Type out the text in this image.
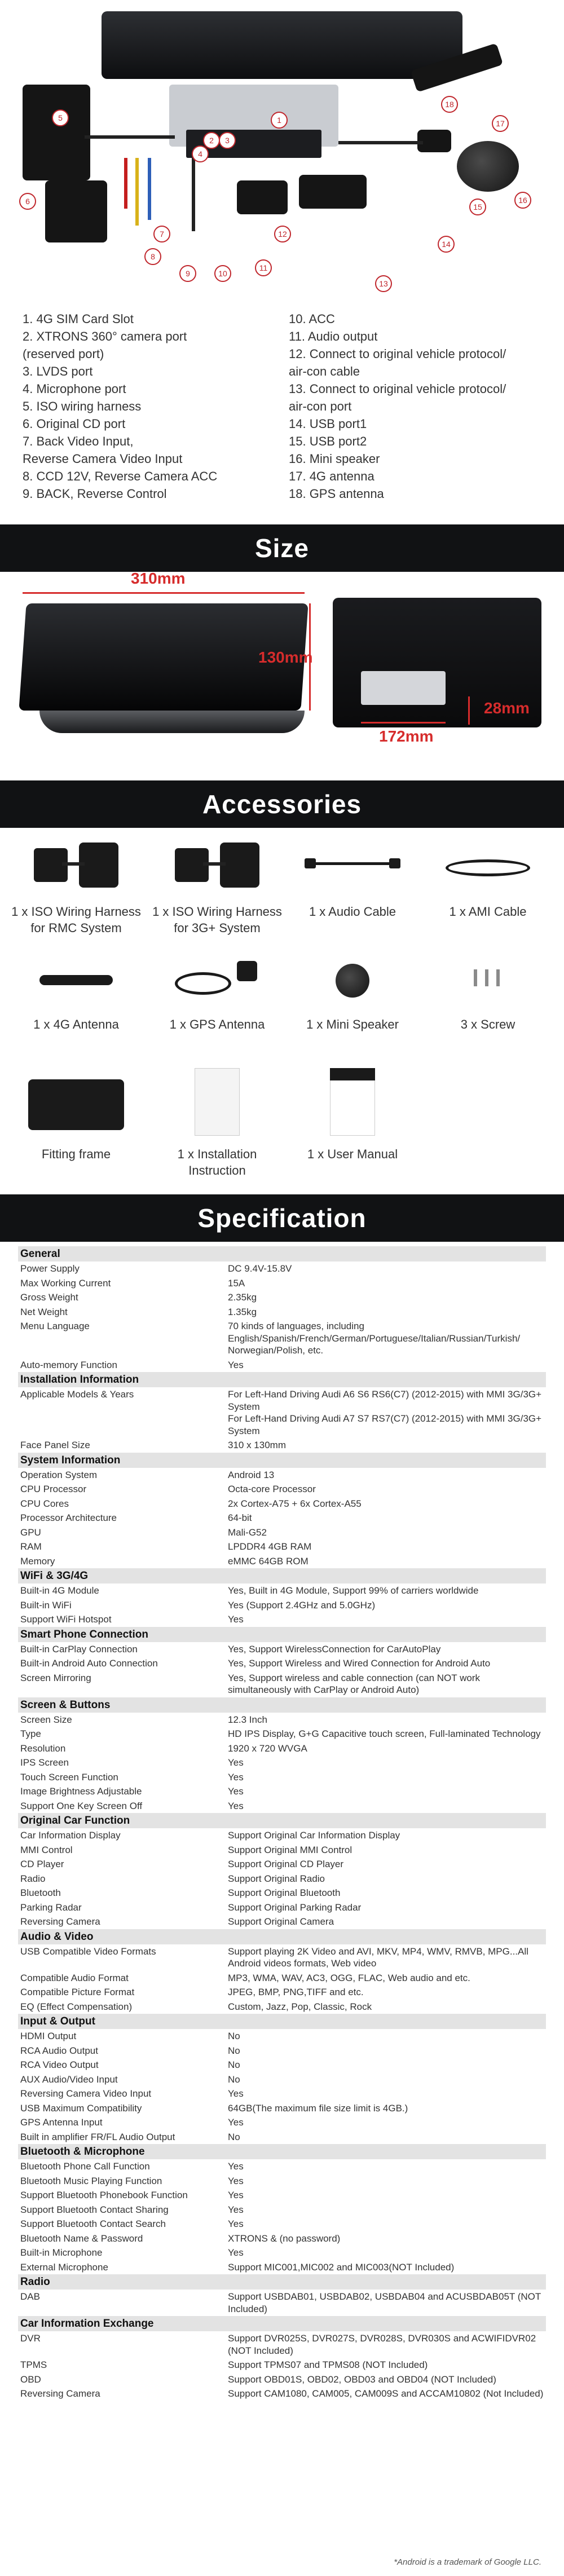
1
2	3
4
5
6
7
8
9	10
11
12
13
14
15
16
17
18
1. 4G SIM Card Slot
2. XTRONS 360° camera port
(reserved port)
3. LVDS port
4. Microphone port
5. ISO wiring harness
6. Original CD port
7. Back Video Input,
Reverse Camera Video Input
8. CCD 12V, Reverse Camera ACC
9. BACK, Reverse Control
10. ACC
11. Audio output
12. Connect to original vehicle protocol/
air-con cable
13. Connect to original vehicle protocol/
air-con port
14. USB port1
15. USB port2
16. Mini speaker
17. 4G antenna
18. GPS antenna
Size
310mm
130mm
172mm
28mm
Accessories
1 x ISO Wiring Harness for RMC System
1 x ISO Wiring Harness for 3G+ System
1 x Audio Cable	1 x AMI Cable
1 x 4G Antenna	1 x GPS Antenna	1 x Mini Speaker	3 x Screw
Fitting frame	1 x Installation Instruction
1 x User Manual
Specification
General
Power Supply	DC 9.4V-15.8V
Max Working Current	15A
Gross Weight	2.35kg
Net Weight	1.35kg
Menu Language	70 kinds of languages, including English/Spanish/French/German/Portuguese/Italian/Russian/Turkish/ Norwegian/Polish, etc.
Auto-memory Function	Yes
Installation Information
Applicable Models & Years	For Left-Hand Driving Audi A6 S6 RS6(C7) (2012-2015) with MMI 3G/3G+ System
For Left-Hand Driving Audi A7 S7 RS7(C7) (2012-2015) with MMI 3G/3G+ System
Face Panel Size	310 x 130mm
System Information
Operation System	Android 13
CPU Processor	Octa-core Processor
CPU Cores	2x Cortex-A75 + 6x Cortex-A55
Processor Architecture	64-bit
GPU	Mali-G52
RAM	LPDDR4 4GB RAM
Memory	eMMC 64GB ROM
WiFi & 3G/4G
Built-in 4G Module	Yes, Built in 4G Module, Support 99% of carriers worldwide
Built-in WiFi	Yes (Support 2.4GHz and 5.0GHz)
Support WiFi Hotspot	Yes
Smart Phone Connection
Built-in CarPlay Connection	Yes, Support WirelessConnection for CarAutoPlay
Built-in Android Auto Connection	Yes, Support Wireless and Wired Connection for Android Auto
Screen Mirroring	Yes, Support wireless and cable connection (can NOT work simultaneously with CarPlay or Android Auto)
Screen & Buttons
Screen Size	12.3 Inch
Type	HD IPS Display, G+G Capacitive touch screen, Full-laminated Technology
Resolution	1920 x 720 WVGA
IPS Screen	Yes
Touch Screen Function	Yes
Image Brightness Adjustable	Yes
Support One Key Screen Off	Yes
Original Car Function
Car Information Display	Support Original Car Information Display
MMI Control	Support Original MMI Control
CD Player	Support Original CD Player
Radio	Support Original Radio
Bluetooth	Support Original Bluetooth
Parking Radar	Support Original Parking Radar
Reversing Camera	Support Original Camera
Audio & Video
USB Compatible Video Formats	Support playing 2K Video and AVI, MKV, MP4, WMV, RMVB, MPG...All Android videos formats, Web video
Compatible Audio Format	MP3, WMA, WAV, AC3, OGG, FLAC, Web audio and etc.
Compatible Picture Format	JPEG, BMP, PNG,TIFF and etc.
EQ (Effect Compensation)	Custom, Jazz, Pop, Classic, Rock
Input & Output
HDMI Output	No
RCA Audio Output	No
RCA Video Output	No
AUX Audio/Video Input	No
Reversing Camera Video Input	Yes
USB Maximum Compatibility	64GB(The maximum file size limit is 4GB.)
GPS Antenna Input	Yes
Built in amplifier FR/FL Audio Output	No
Bluetooth & Microphone
Bluetooth Phone Call Function	Yes
Bluetooth Music Playing Function	Yes
Support Bluetooth Phonebook Function	Yes
Support Bluetooth Contact Sharing	Yes
Support Bluetooth Contact Search	Yes
Bluetooth Name & Password	XTRONS & (no password)
Built-in Microphone	Yes
External Microphone	Support MIC001,MIC002 and MIC003(NOT Included)
Radio
DAB	Support USBDAB01, USBDAB02, USBDAB04 and ACUSBDAB05T (NOT Included)
Car Information Exchange
DVR	Support DVR025S, DVR027S, DVR028S, DVR030S and ACWIFIDVR02 (NOT Included)
TPMS	Support TPMS07 and TPMS08 (NOT Included)
OBD	Support OBD01S, OBD02, OBD03 and OBD04 (NOT Included)
Reversing Camera	Support CAM1080, CAM005, CAM009S and ACCAM10802 (Not Included)
*Android is a trademark of Google LLC.
